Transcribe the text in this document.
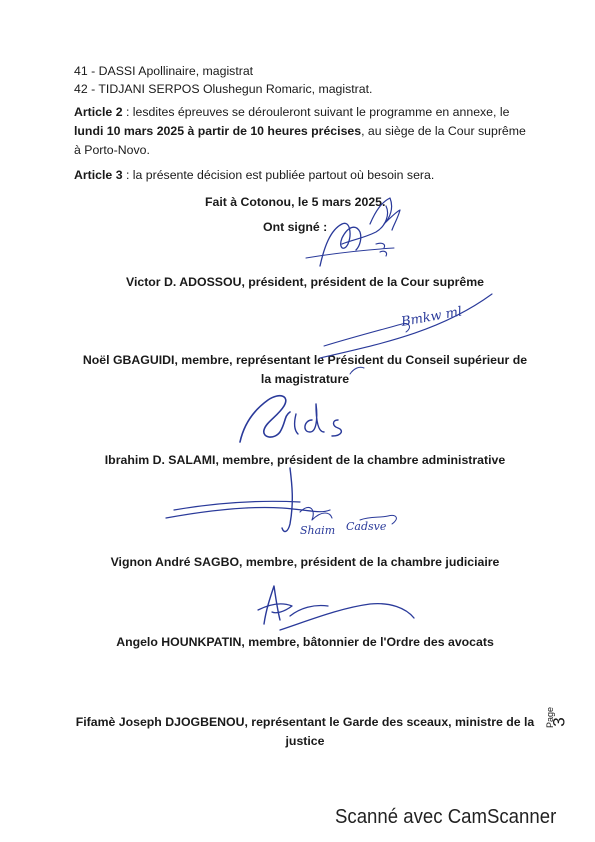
41 - DASSI Apollinaire, magistrat
42 - TIDJANI SERPOS Olushegun Romaric, magistrat.
Article 2 : lesdites épreuves se dérouleront suivant le programme en annexe, le
lundi 10 mars 2025 à partir de 10 heures précises, au siège de la Cour suprême
à Porto-Novo.
Article 3 : la présente décision est publiée partout où besoin sera.
Fait à Cotonou, le 5 mars 2025.
Ont signé :
Victor D. ADOSSOU, président, président de la Cour suprême
Noël GBAGUIDI, membre, représentant le Président du Conseil supérieur de
la magistrature
Ibrahim D. SALAMI, membre, président de la chambre administrative
Vignon André SAGBO, membre, président de la chambre judiciaire
Angelo HOUNKPATIN, membre, bâtonnier de l'Ordre des avocats
Fifamè Joseph DJOGBENOU, représentant le Garde des sceaux, ministre de la
justice
Bmkw ml
Shaim Cadsve
Page
3
Scanné avec CamScanner
